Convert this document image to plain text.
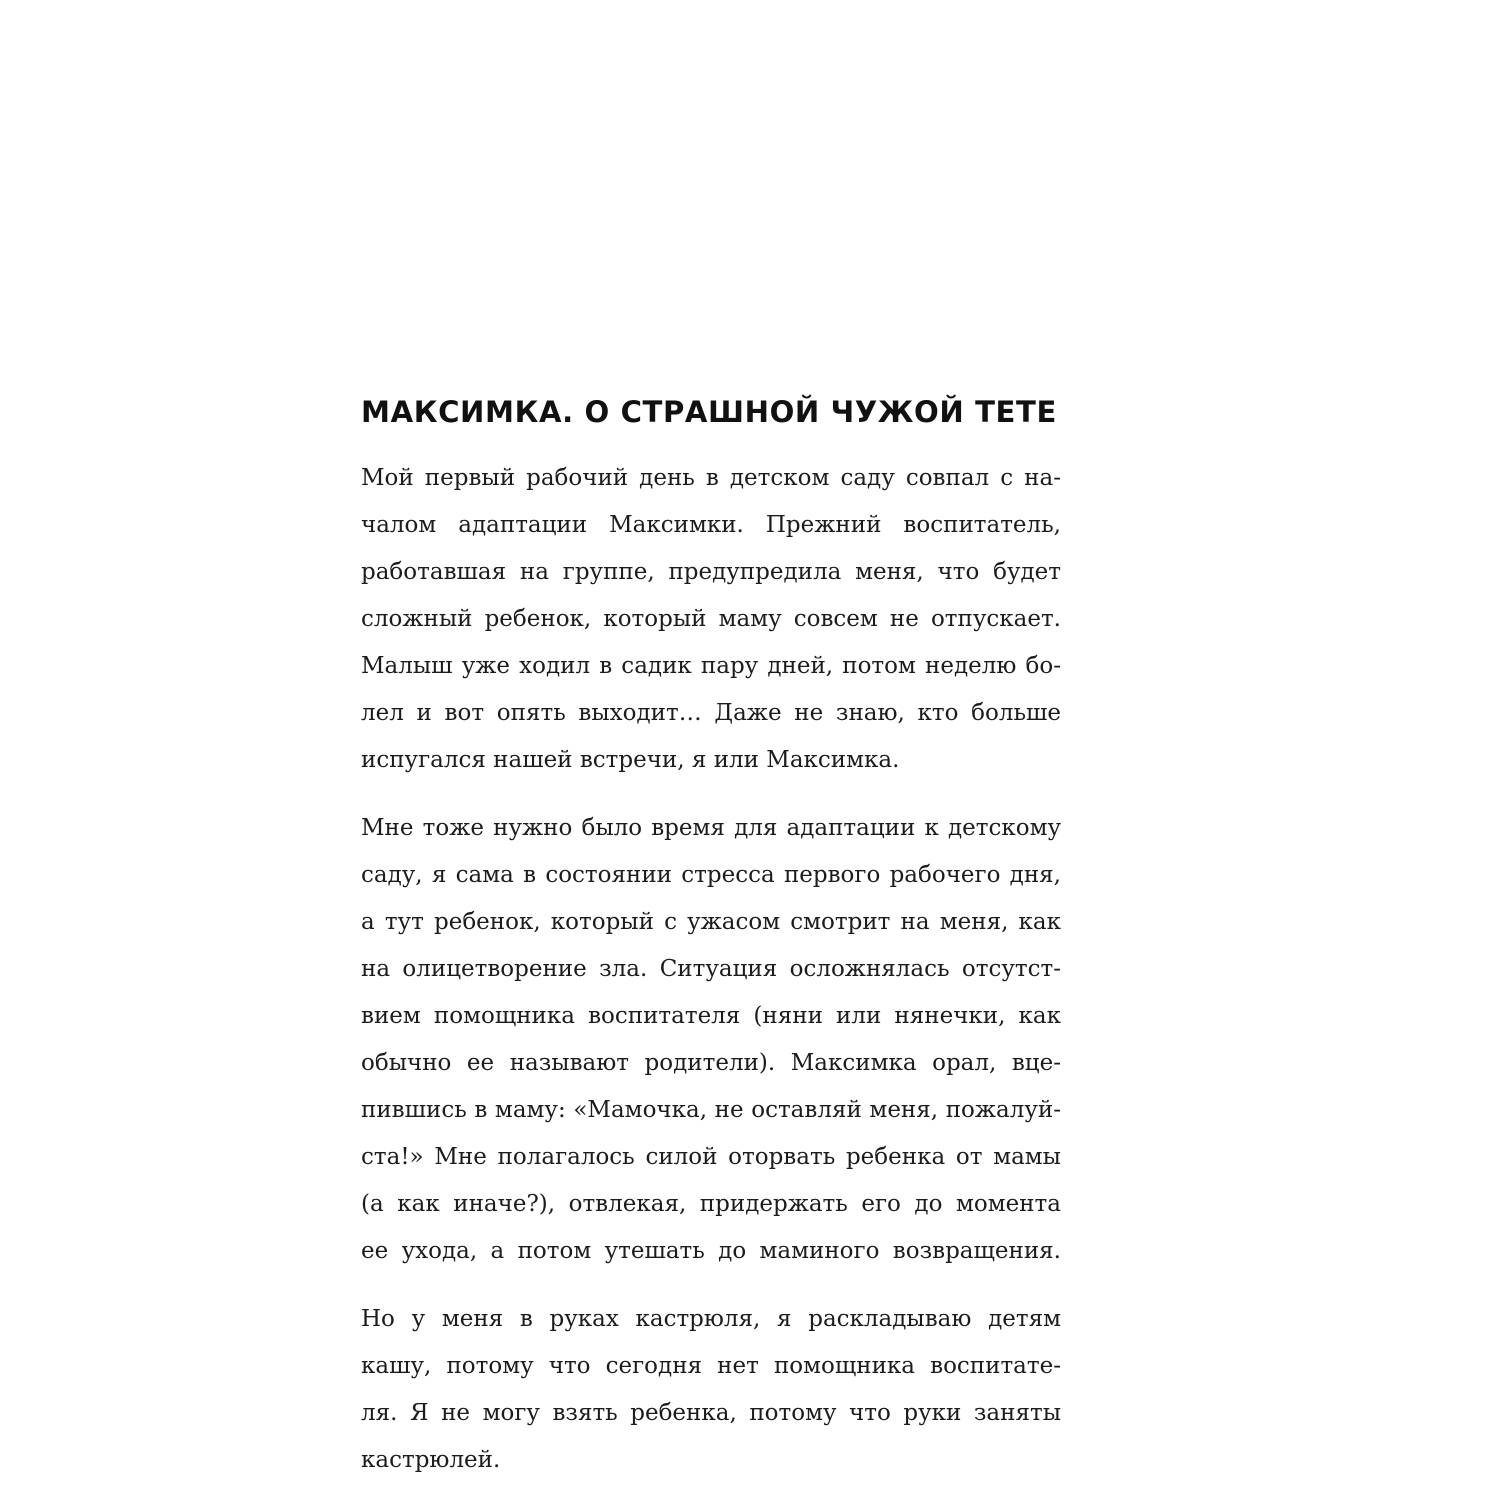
МАКСИМКА. О СТРАШНОЙ ЧУЖОЙ ТЕТЕ

Мой первый рабочий день в детском саду совпал с на-
чалом адаптации Максимки. Прежний воспитатель,
работавшая на группе, предупредила меня, что будет
сложный ребенок, который маму совсем не отпускает.
Малыш уже ходил в садик пару дней, потом неделю бо-
лел и вот опять выходит… Даже не знаю, кто больше
испугался нашей встречи, я или Максимка.

Мне тоже нужно было время для адаптации к детскому
саду, я сама в состоянии стресса первого рабочего дня,
а тут ребенок, который с ужасом смотрит на меня, как
на олицетворение зла. Ситуация осложнялась отсутст-
вием помощника воспитателя (няни или нянечки, как
обычно ее называют родители). Максимка орал, вце-
пившись в маму: «Мамочка, не оставляй меня, пожалуй-
ста!» Мне полагалось силой оторвать ребенка от мамы
(а как иначе?), отвлекая, придержать его до момента
ее ухода, а потом утешать до маминого возвращения.

Но у меня в руках кастрюля, я раскладываю детям
кашу, потому что сегодня нет помощника воспитате-
ля. Я не могу взять ребенка, потому что руки заняты
кастрюлей.
